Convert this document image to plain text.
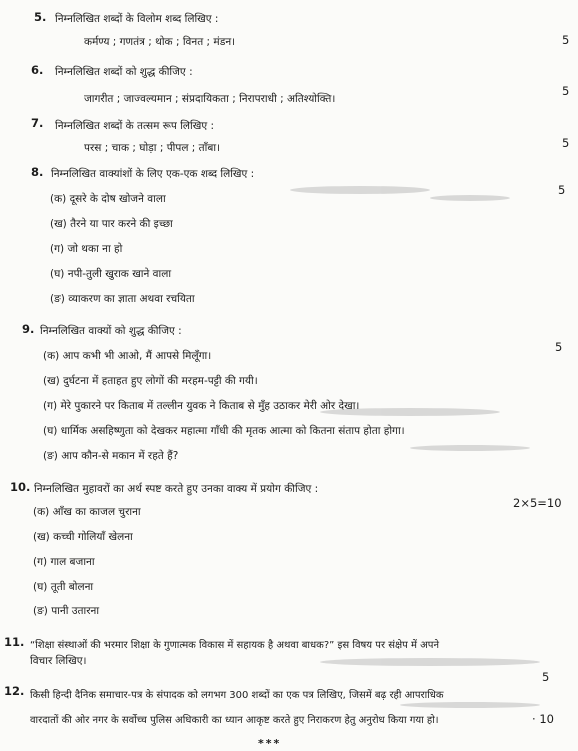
5. निम्नलिखित शब्दों के विलोम शब्द लिखिए :
कर्मण्य ; गणतंत्र ; थोक ; विनत ; मंडन।	5
6. निम्नलिखित शब्दों को शुद्ध कीजिए :
जागरीत ; जाज्वल्यमान ; संप्रदायिकता ; निरापराधी ; अतिश्योक्ति।
5
7. निम्नलिखित शब्दों के तत्सम रूप लिखिए :
परस ; चाक ; घोड़ा ; पीपल ; ताँबा।	5
8. निम्नलिखित वाक्यांशों के लिए एक-एक शब्द लिखिए :
5
(क) दूसरे के दोष खोजने वाला
(ख) तैरने या पार करने की इच्छा
(ग) जो थका ना हो
(घ) नपी-तुली खुराक खाने वाला
(ङ) व्याकरण का ज्ञाता अथवा रचयिता
9. निम्नलिखित वाक्यों को शुद्ध कीजिए :
5
(क) आप कभी भी आओ, मैं आपसे मिलूँगा।
(ख) दुर्घटना में हताहत हुए लोगों की मरहम-पट्टी की गयी।
(ग) मेरे पुकारने पर किताब में तल्लीन युवक ने किताब से मुँह उठाकर मेरी ओर देखा।
(घ) धार्मिक असहिष्णुता को देखकर महात्मा गाँधी की मृतक आत्मा को कितना संताप होता होगा।
(ङ) आप कौन-से मकान में रहते हैं?
10. निम्नलिखित मुहावरों का अर्थ स्पष्ट करते हुए उनका वाक्य में प्रयोग कीजिए :
2×5=10
(क) आँख का काजल चुराना
(ख) कच्ची गोलियाँ खेलना
(ग) गाल बजाना
(घ) तूती बोलना
(ङ) पानी उतारना
11. “शिक्षा संस्थाओं की भरमार शिक्षा के गुणात्मक विकास में सहायक है अथवा बाधक?” इस विषय पर संक्षेप में अपने
विचार लिखिए।
5
12. किसी हिन्दी दैनिक समाचार-पत्र के संपादक को लगभग 300 शब्दों का एक पत्र लिखिए, जिसमें बढ़ रही आपराधिक
वारदातों की ओर नगर के सर्वोच्च पुलिस अधिकारी का ध्यान आकृष्ट करते हुए निराकरण हेतु अनुरोध किया गया हो।	· 10
***
